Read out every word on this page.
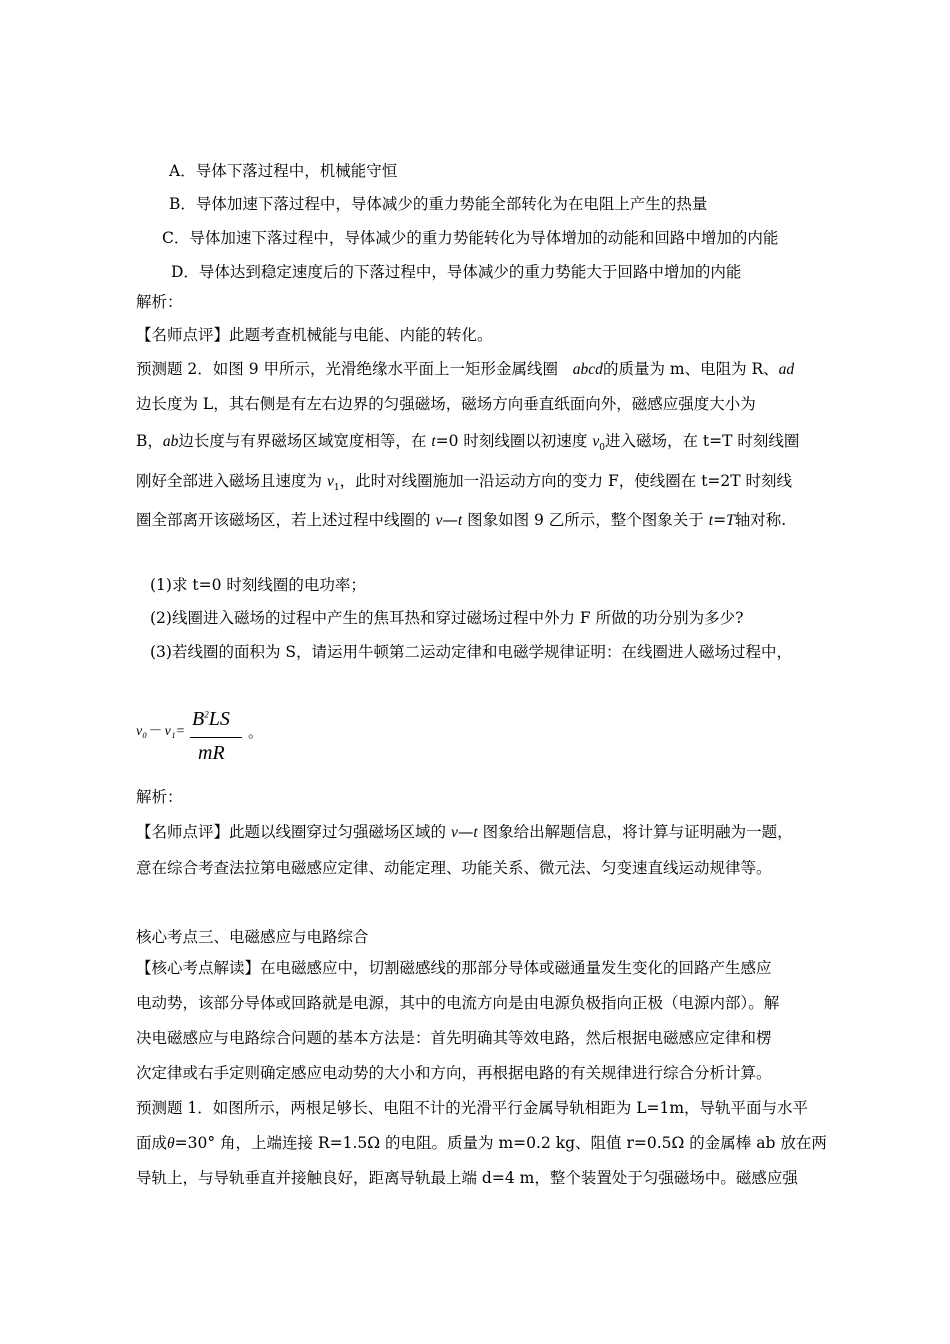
A．导体下落过程中，机械能守恒
B．导体加速下落过程中，导体减少的重力势能全部转化为在电阻上产生的热量
C．导体加速下落过程中，导体减少的重力势能转化为导体增加的动能和回路中增加的内能
D．导体达到稳定速度后的下落过程中，导体减少的重力势能大于回路中增加的内能
解析：
【名师点评】此题考查机械能与电能、内能的转化。
预测题 2．如图 9 甲所示，光滑绝缘水平面上一矩形金属线圈 abcd的质量为 m、电阻为 R、ad
边长度为 L，其右侧是有左右边界的匀强磁场，磁场方向垂直纸面向外，磁感应强度大小为
B，ab边长度与有界磁场区域宽度相等，在 t=0 时刻线圈以初速度 $v_0$进入磁场，在 t=T 时刻线圈
刚好全部进入磁场且速度为 $v_1$，此时对线圈施加一沿运动方向的变力 F，使线圈在 t=2T 时刻线
圈全部离开该磁场区，若上述过程中线圈的 v—t 图象如图 9 乙所示，整个图象关于 t=T轴对称.
(1)求 t=0 时刻线圈的电功率；
(2)线圈进入磁场的过程中产生的焦耳热和穿过磁场过程中外力 F 所做的功分别为多少?
(3)若线圈的面积为 S，请运用牛顿第二运动定律和电磁学规律证明：在线圈进人磁场过程中，
v₀－ v₁=
$B^2LS$
mR
。
解析：
【名师点评】此题以线圈穿过匀强磁场区域的 v—t 图象给出解题信息，将计算与证明融为一题，
意在综合考查法拉第电磁感应定律、动能定理、功能关系、微元法、匀变速直线运动规律等。
核心考点三、电磁感应与电路综合
【核心考点解读】在电磁感应中，切割磁感线的那部分导体或磁通量发生变化的回路产生感应
电动势，该部分导体或回路就是电源，其中的电流方向是由电源负极指向正极（电源内部）。解
决电磁感应与电路综合问题的基本方法是：首先明确其等效电路，然后根据电磁感应定律和楞
次定律或右手定则确定感应电动势的大小和方向，再根据电路的有关规律进行综合分析计算。
预测题 1．如图所示，两根足够长、电阻不计的光滑平行金属导轨相距为 L=1m，导轨平面与水平
面成θ=30° 角，上端连接 R=1.5Ω 的电阻。质量为 m=0.2 kg、阻值 r=0.5Ω 的金属棒 ab 放在两
导轨上，与导轨垂直并接触良好，距离导轨最上端 d=4 m，整个装置处于匀强磁场中。磁感应强
